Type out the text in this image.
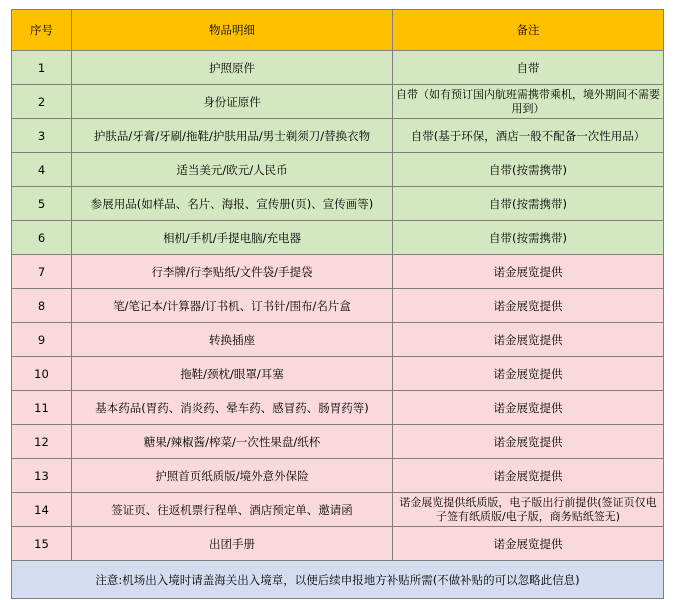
序号	物品明细	备注
1	护照原件	自带
2	身份证原件	自带（如有预订国内航班需携带乘机，境外期间不需要用到）
3	护肤品/牙膏/牙刷/拖鞋/护肤用品/男士剃须刀/替换衣物	自带(基于环保，酒店一般不配备一次性用品）
4	适当美元/欧元/人民币	自带(按需携带)
5	参展用品(如样品、名片、海报、宣传册(页)、宣传画等)	自带(按需携带)
6	相机/手机/手提电脑/充电器	自带(按需携带)
7	行李牌/行李贴纸/文件袋/手提袋	诺金展览提供
8	笔/笔记本/计算器/订书机、订书针/围布/名片盒	诺金展览提供
9	转换插座	诺金展览提供
10	拖鞋/颈枕/眼罩/耳塞	诺金展览提供
11	基本药品(胃药、消炎药、晕车药、感冒药、肠胃药等)	诺金展览提供
12	糖果/辣椒酱/榨菜/一次性果盘/纸杯	诺金展览提供
13	护照首页纸质版/境外意外保险	诺金展览提供
14	签证页、往返机票行程单、酒店预定单、邀请函	诺金展览提供纸质版，电子版出行前提供(签证页仅电子签有纸质版/电子版，商务贴纸签无)
15	出团手册	诺金展览提供
注意:机场出入境时请盖海关出入境章，以便后续申报地方补贴所需(不做补贴的可以忽略此信息)		
